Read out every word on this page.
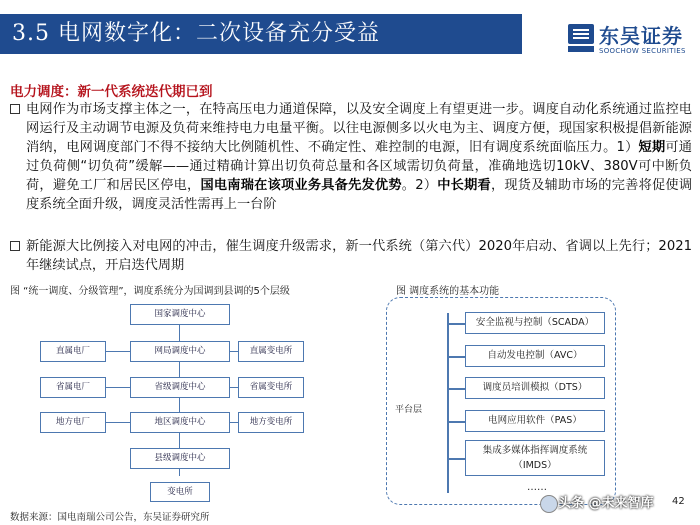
3.5 电网数字化：二次设备充分受益	东吴证券
SOOCHOW SECURITIES
电力调度：新一代系统迭代期已到
电网作为市场支撑主体之一，在特高压电力通道保障，以及安全调度上有望更进一步。调度自动化系统通过监控电网运行及主动调节电源及负荷来维持电力电量平衡。以往电源侧多以火电为主、调度方便，现国家积极提倡新能源消纳，电网调度部门不得不接纳大比例随机性、不确定性、难控制的电源，旧有调度系统面临压力。1）短期可通过负荷侧“切负荷”缓解——通过精确计算出切负荷总量和各区域需切负荷量，准确地选切10kV、380V可中断负荷，避免工厂和居民区停电，国电南瑞在该项业务具备先发优势。2）中长期看，现货及辅助市场的完善将促使调度系统全面升级，调度灵活性需再上一台阶
新能源大比例接入对电网的冲击，催生调度升级需求，新一代系统（第六代）2020年启动、省调以上先行；2021年继续试点，开启迭代周期
图 “统一调度、分级管理”，调度系统分为国调到县调的5个层级	图 调度系统的基本功能
国家调度中心
网局调度中心
省级调度中心
地区调度中心
县级调度中心
直属电厂
省属电厂
地方电厂
直属变电所
省属变电所
地方变电所
变电所
平台层
安全监视与控制（SCADA）
自动发电控制（AVC）
调度员培训模拟（DTS）
电网应用软件（PAS）
集成多媒体指挥调度系统（IMDS）
……
数据来源：国电南瑞公司公告，东吴证券研究所
头条 @未来智库 42
